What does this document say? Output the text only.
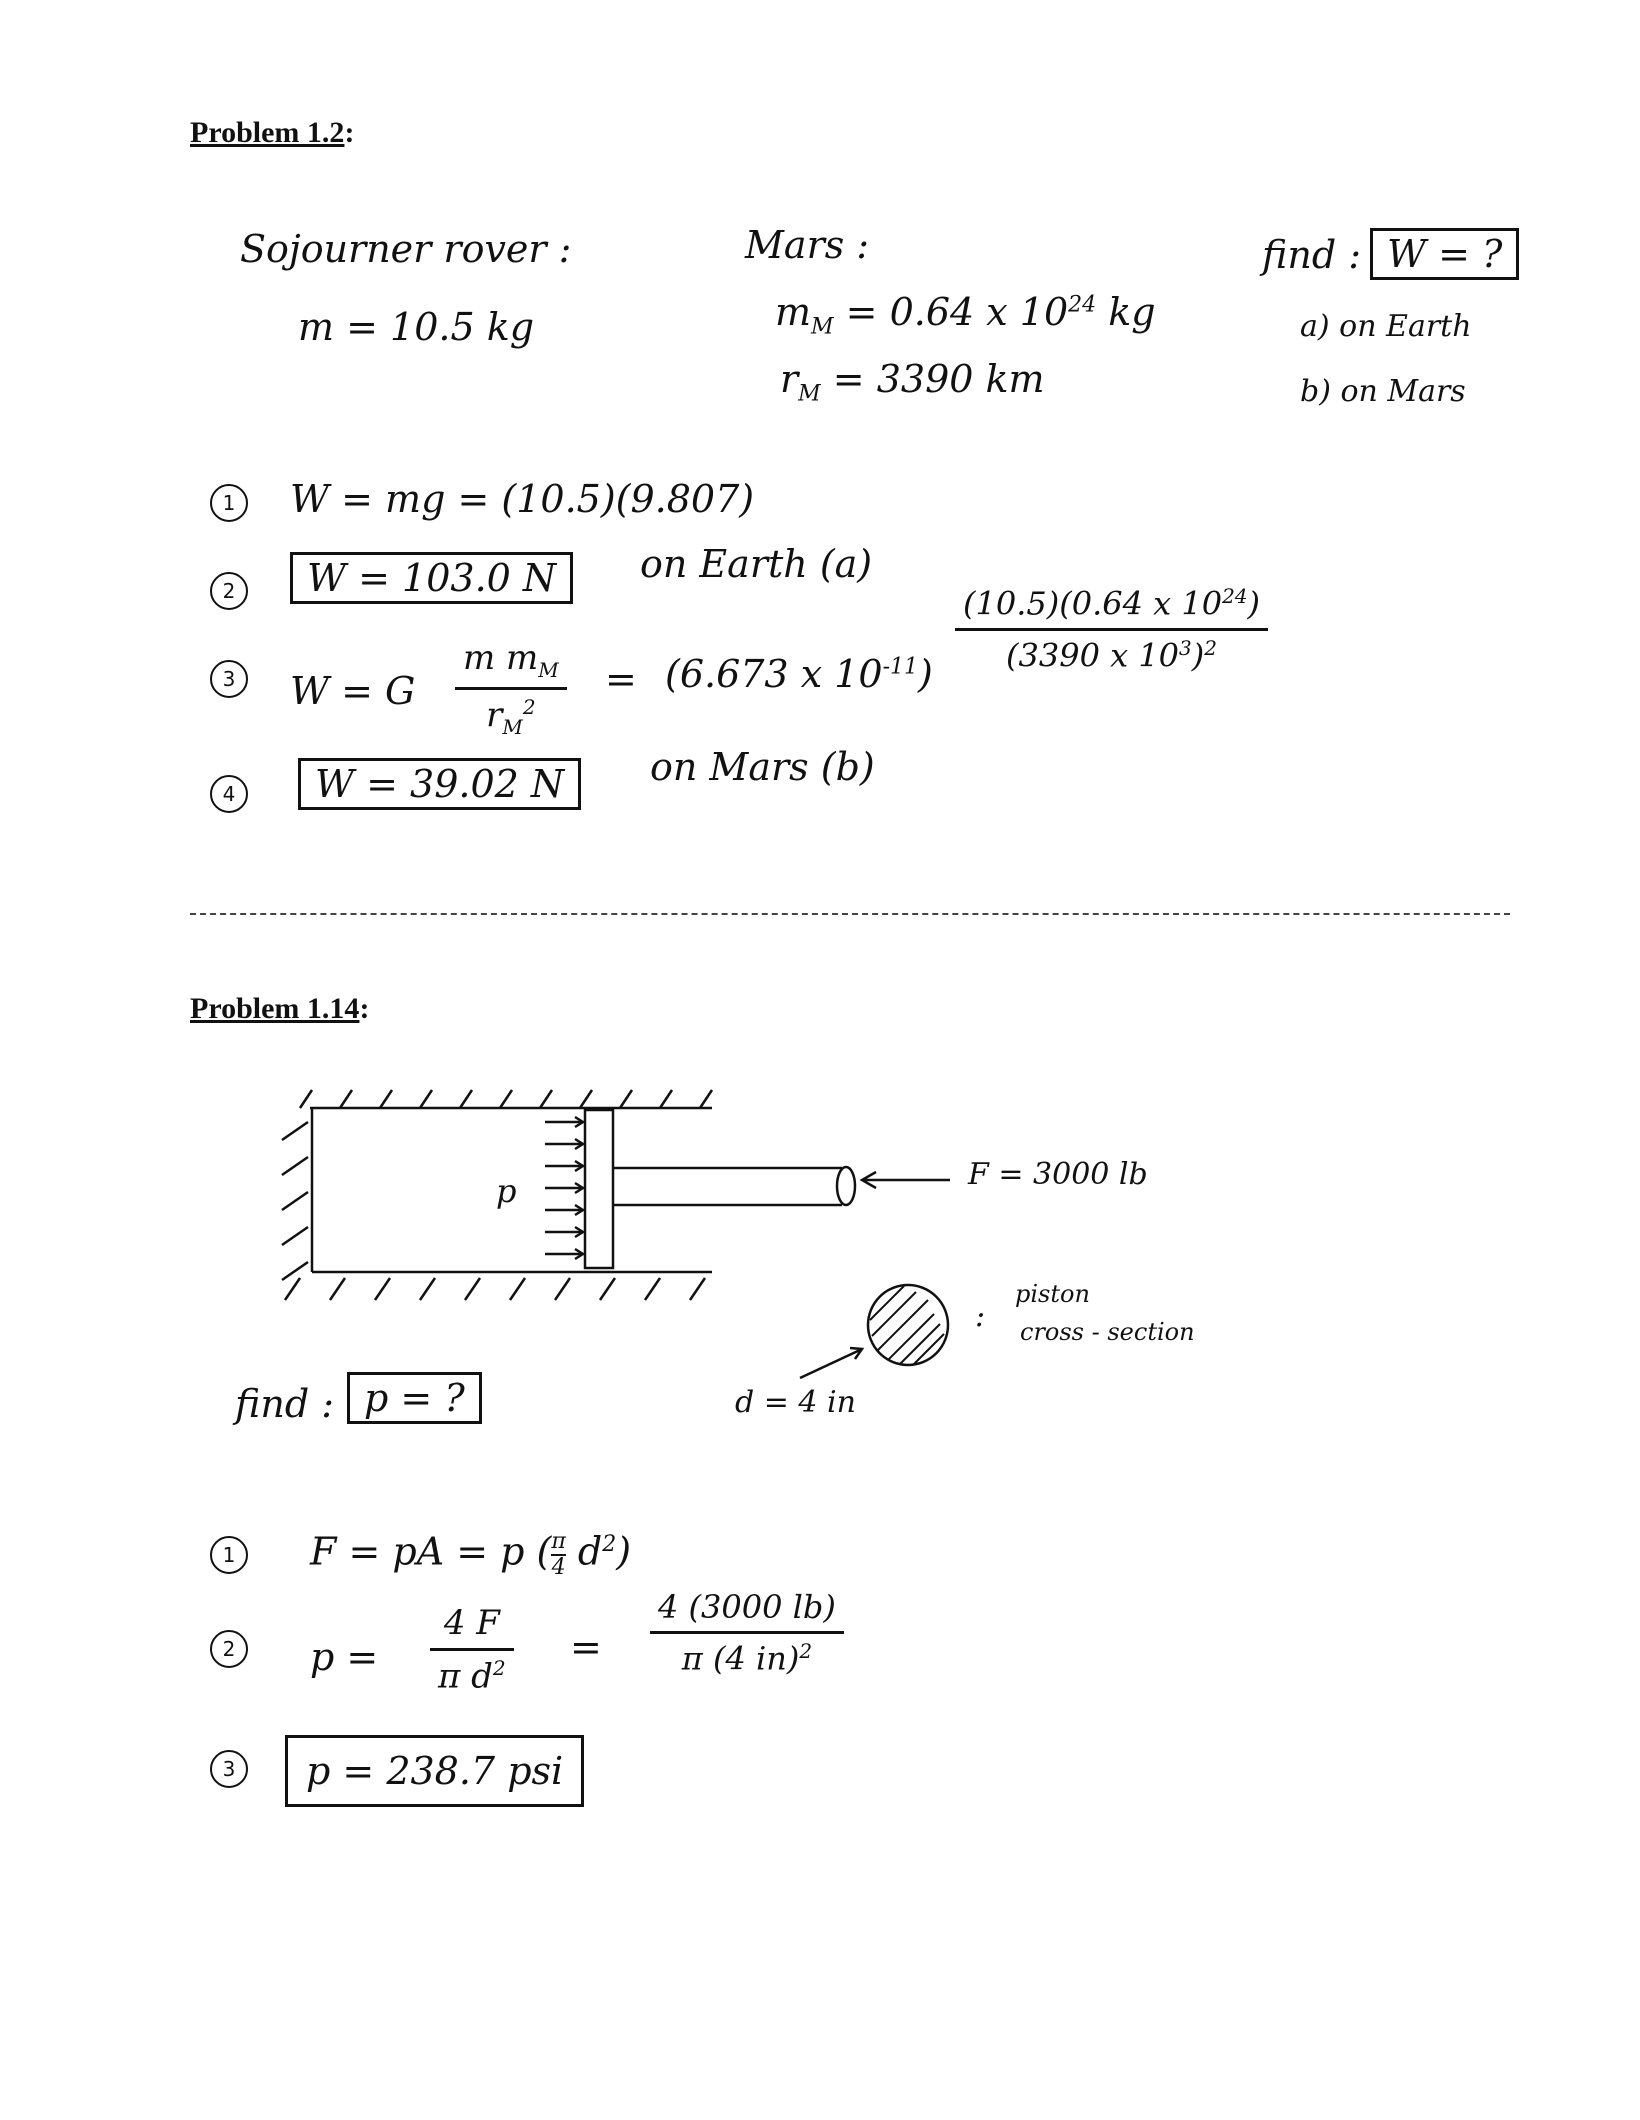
Problem 1.2:
Sojourner rover :
m = 10.5 kg
Mars :
$m_M = 0.64$ x $10^{24}$ kg
$r_M = 3390$ km
find : W = ?
a) on Earth
b) on Mars
1
2
3
4
W = mg = (10.5)(9.807)
W = 103.0 N	on Earth (a)
W = G $\frac{m m_M}{r_M^2} = (6.673$ x $10^{-11}$)
$\frac{(10.5)(0.64 x 10^{24})}{(3390 x 10^3)^2}$
W = 39.02 N	on Mars (b)
Problem 1.14:
p	F = 3000 lb
:
piston
cross - section
d = 4 in
find : p = ?
1
2
3
F = pA = p ( $\frac{\pi}{4} d^2$)
$p = \frac{4 F}{\pi d^2} = \frac{4 (3000 lb)}{\pi (4 in)^2}$
p = 238.7 psi
